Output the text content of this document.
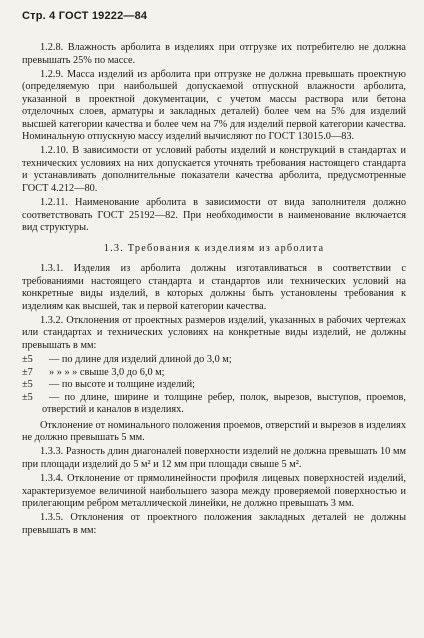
Стр. 4 ГОСТ 19222—84

1.2.8. Влажность арболита в изделиях при отгрузке их потребителю не должна превышать 25% по массе.

1.2.9. Масса изделий из арболита при отгрузке не должна превышать проектную (определяемую при наибольшей допускаемой отпускной влажности арболита, указанной в проектной документации, с учетом массы раствора или бетона отделочных слоев, арматуры и закладных деталей) более чем на 5% для изделий высшей категории качества и более чем на 7% для изделий первой категории качества. Номинальную отпускную массу изделий вычисляют по ГОСТ 13015.0—83.

1.2.10. В зависимости от условий работы изделий и конструкций в стандартах и технических условиях на них допускается уточнять требования настоящего стандарта и устанавливать дополнительные показатели качества арболита, предусмотренные ГОСТ 4.212—80.

1.2.11. Наименование арболита в зависимости от вида заполнителя должно соответствовать ГОСТ 25192—82. При необходимости в наименование включается вид структуры.

1.3. Требования к изделиям из арболита

1.3.1. Изделия из арболита должны изготавливаться в соответствии с требованиями настоящего стандарта и стандартов или технических условий на конкретные виды изделий, в которых должны быть установлены требования к изделиям как высшей, так и первой категории качества.

1.3.2. Отклонения от проектных размеров изделий, указанных в рабочих чертежах или стандартах и технических условиях на конкретные виды изделий, не должны превышать в мм:

±5 — по длине для изделий длиной до 3,0 м;

±7 » » » » свыше 3,0 до 6,0 м;

±5 — по высоте и толщине изделий;

±5 — по длине, ширине и толщине ребер, полок, вырезов, выступов, проемов, отверстий и каналов в изделиях.

Отклонение от номинального положения проемов, отверстий и вырезов в изделиях не должно превышать 5 мм.

1.3.3. Разность длин диагоналей поверхности изделий не должна превышать 10 мм при площади изделий до 5 м² и 12 мм при площади свыше 5 м².

1.3.4. Отклонение от прямолинейности профиля лицевых поверхностей изделий, характеризуемое величиной наибольшего зазора между проверяемой поверхностью и прилегающим ребром металлической линейки, не должно превышать 3 мм.

1.3.5. Отклонения от проектного положения закладных деталей не должны превышать в мм:
